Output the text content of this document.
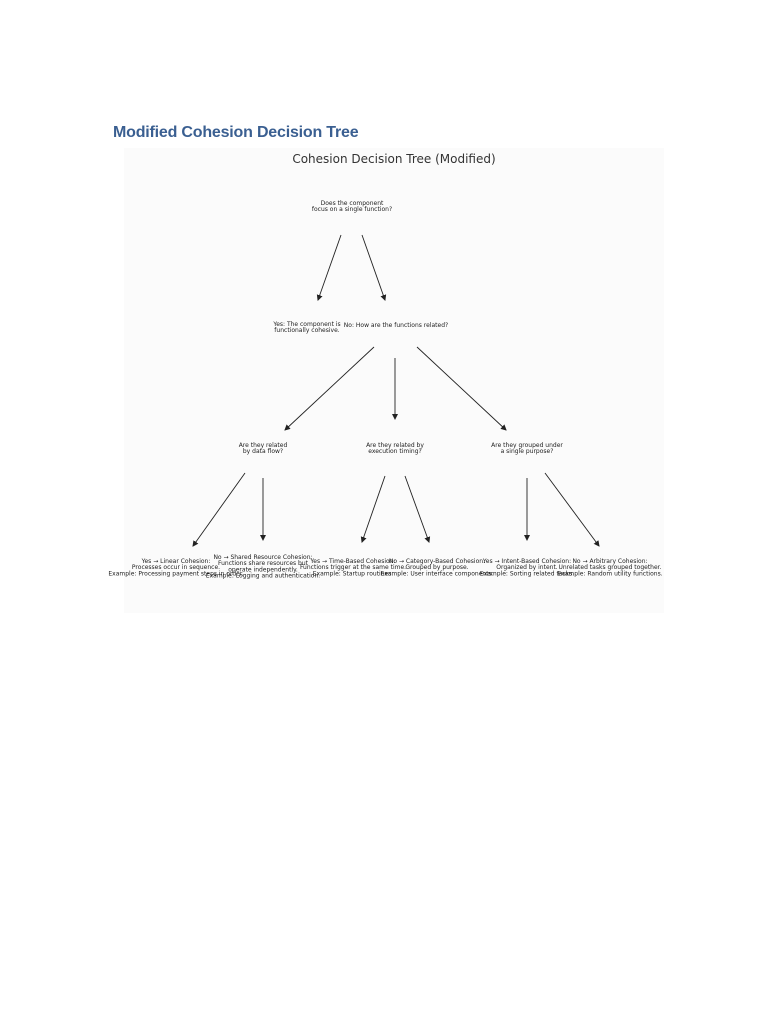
Modified Cohesion Decision Tree
Cohesion Decision Tree (Modified)
Does the component focus on a single function?
Yes: The component is functionally cohesive.
No: How are the functions related?
Are they related by data flow?
Are they related by execution timing?
Are they grouped under a single purpose?
Yes → Linear Cohesion: Processes occur in sequence. Example: Processing payment steps in order.
No → Shared Resource Cohesion: Functions share resources but operate independently. Example: Logging and authentication.
Yes → Time-Based Cohesion: Functions trigger at the same time. Example: Startup routines.
No → Category-Based Cohesion: Grouped by purpose. Example: User interface components.
Yes → Intent-Based Cohesion: Organized by intent. Example: Sorting related tasks.
No → Arbitrary Cohesion: Unrelated tasks grouped together. Example: Random utility functions.
